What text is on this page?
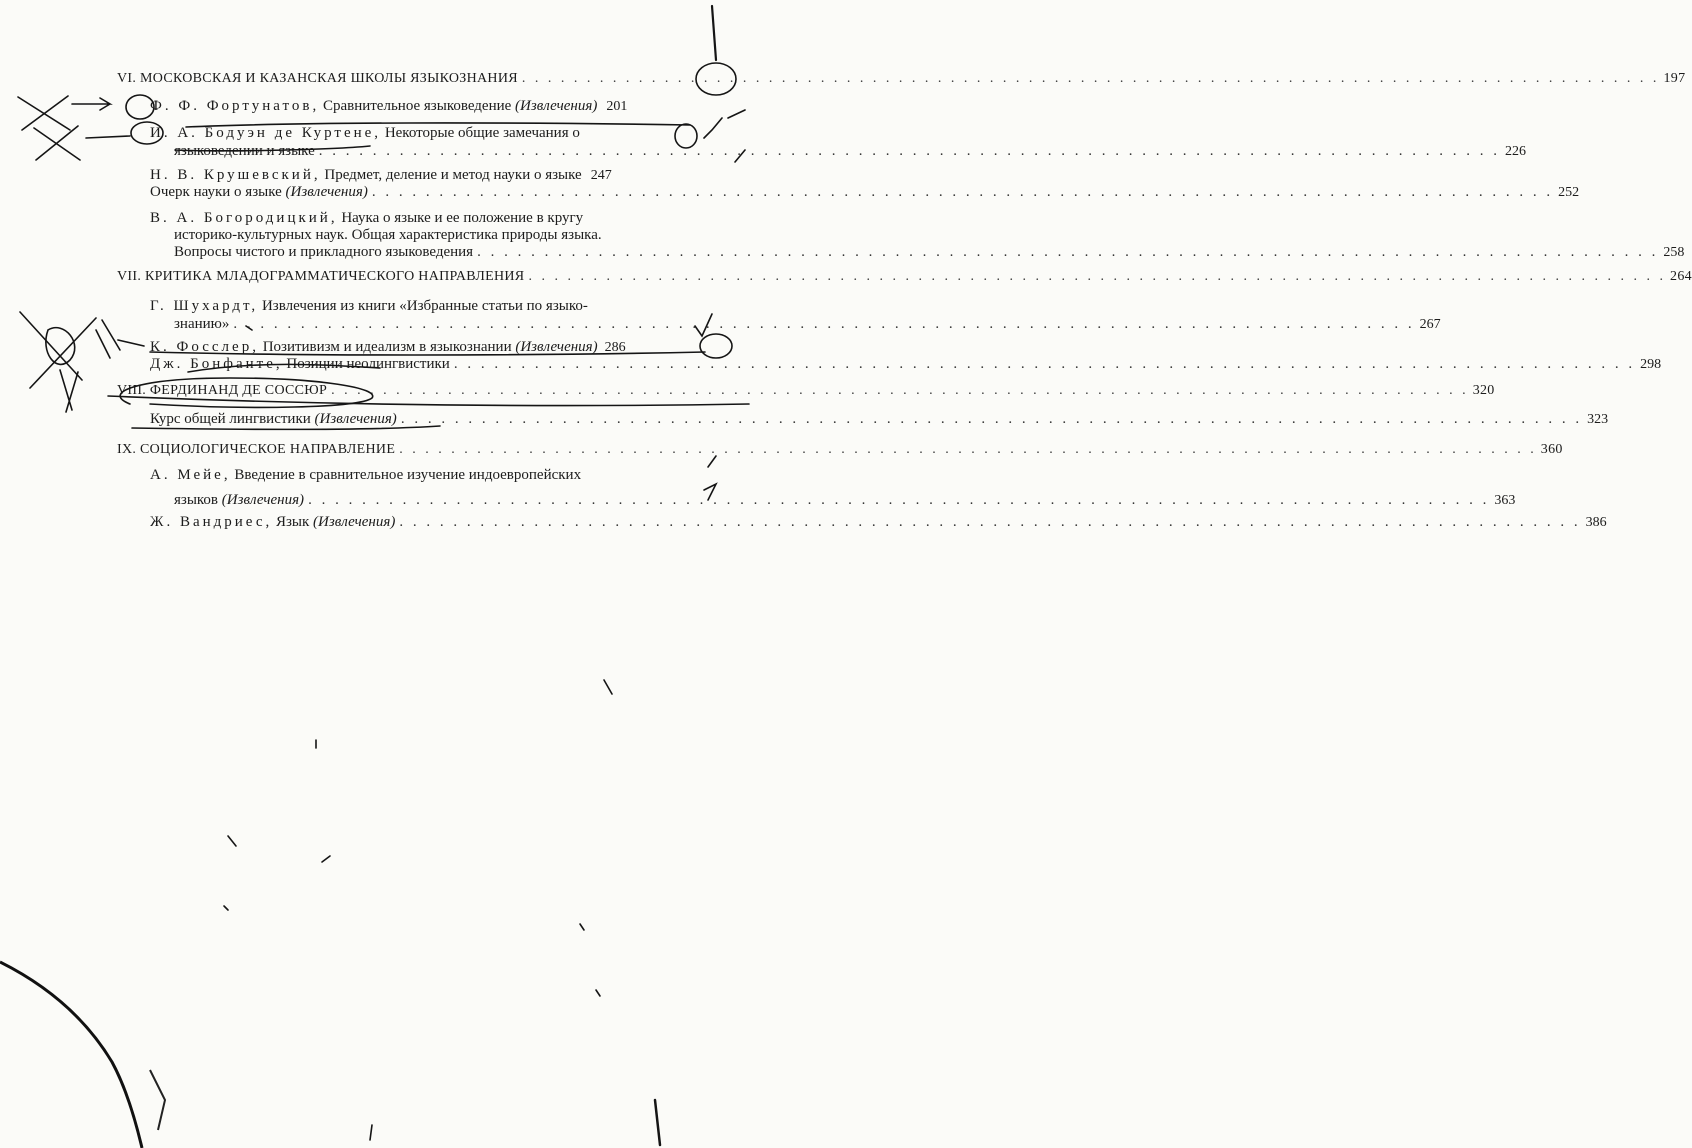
VI. МОСКОВСКАЯ И КАЗАНСКАЯ ШКОЛЫ ЯЗЫКОЗНАНИЯ . . .	197
Ф. Ф. Фортунатов, Сравнительное языковедение (Извлечения) 201
И. А. Бодуэн де Куртене, Некоторые общие замечания о
языковедении и языке . . .	226
Н. В. Крушевский, Предмет, деление и метод науки о языке 247
Очерк науки о языке (Извлечения) . . .	252
В. А. Богородицкий, Наука о языке и ее положение в кругу
историко-культурных наук. Общая характеристика природы языка.
Вопросы чистого и прикладного языковедения . . .	258
VII. КРИТИКА МЛАДОГРАММАТИЧЕСКОГО НАПРАВЛЕНИЯ . . .	264
Г. Шухардт, Извлечения из книги «Избранные статьи по языко-
знанию» . . .	267
К. Фосслер, Позитивизм и идеализм в языкознании (Извлечения) 286
Дж. Бонфанте, Позиции неолингвистики . . .	298
VIII. ФЕРДИНАНД ДЕ СОССЮР . . .	320
Курс общей лингвистики (Извлечения) . . .	323
IX. СОЦИОЛОГИЧЕСКОЕ НАПРАВЛЕНИЕ . . .	360
А. Мейе, Введение в сравнительное изучение индоевропейских
языков (Извлечения) . . .	363
Ж. Вандриес, Язык (Извлечения) . . .	386
